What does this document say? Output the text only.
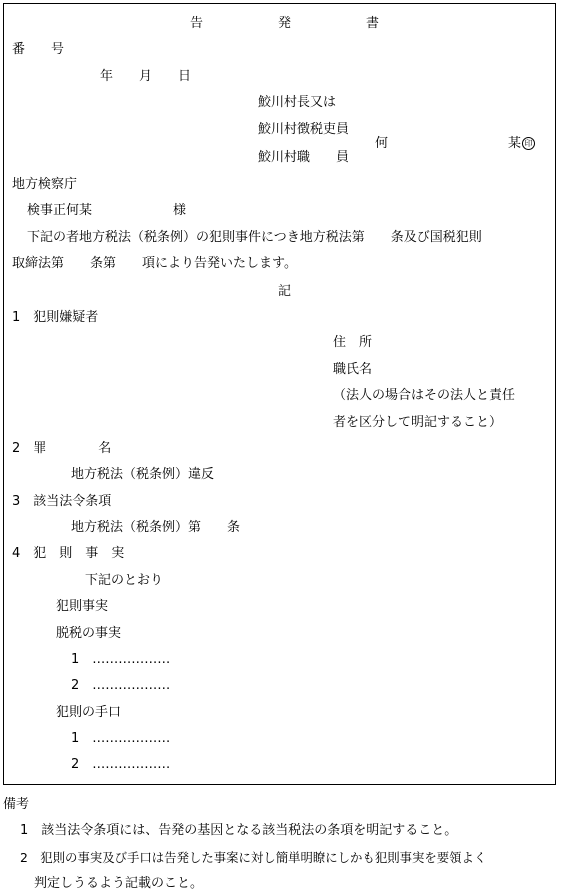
告	発	書
番　　号
年　　月　　日
鮫川村長又は
鮫川村徴税吏員
何	某 印
鮫川村職　　員
地方検察庁
検事正何某	様
下記の者地方税法（税条例）の犯則事件につき地方税法第　　条及び国税犯則
取締法第　　条第　　項により告発いたします。
記
1　犯則嫌疑者
住　所
職氏名
（法人の場合はその法人と責任
者を区分して明記すること）
2　罪　　　　名
地方税法（税条例）違反
3　該当法令条項
地方税法（税条例）第　　条
4　犯　則　事　実
下記のとおり
犯則事実
脱税の事実
1　………………
2　………………
犯則の手口
1　………………
2　………………
備考
1　該当法令条項には、告発の基因となる該当税法の条項を明記すること。
2　犯則の事実及び手口は告発した事案に対し簡単明瞭にしかも犯則事実を要領よく
判定しうるよう記載のこと。
